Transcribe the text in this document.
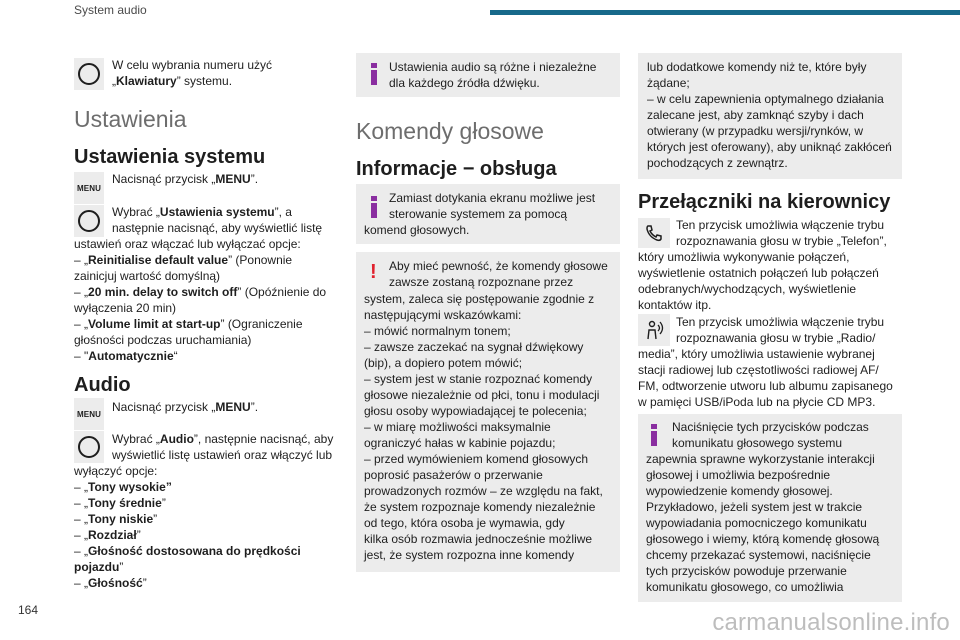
System audio
W celu wybrania numeru użyć
„Klawiatury” systemu.
Ustawienia
Ustawienia systemu
MENU
Nacisnąć przycisk „MENU”.
Wybrać „Ustawienia systemu”, a
następnie nacisnąć, aby wyświetlić listę
ustawień oraz włączać lub wyłączać opcje:
– „Reinitialise default value” (Ponownie
zainicjuj wartość domyślną)
– „20 min. delay to switch off” (Opóźnienie do
wyłączenia 20 min)
– „Volume limit at start-up” (Ograniczenie
głośności podczas uruchamiania)
– "Automatycznie“
Audio
MENU Nacisnąć przycisk „MENU”.
Wybrać „Audio”, następnie nacisnąć, aby
wyświetlić listę ustawień oraz włączyć lub
wyłączyć opcje:
– „Tony wysokie”
– „Tony średnie”
– „Tony niskie”
– „Rozdział”
– „Głośność dostosowana do prędkości
pojazdu”
– „Głośność”
Ustawienia audio są różne i niezależne
dla każdego źródła dźwięku.
Komendy głosowe
Informacje − obsługa
Zamiast dotykania ekranu możliwe jest
sterowanie systemem za pomocą
komend głosowych.
! Aby mieć pewność, że komendy głosowe
zawsze zostaną rozpoznane przez
system, zaleca się postępowanie zgodnie z
następującymi wskazówkami:
– mówić normalnym tonem;
– zawsze zaczekać na sygnał dźwiękowy
(bip), a dopiero potem mówić;
– system jest w stanie rozpoznać komendy
głosowe niezależnie od płci, tonu i modulacji
głosu osoby wypowiadającej te polecenia;
– w miarę możliwości maksymalnie
ograniczyć hałas w kabinie pojazdu;
– przed wymówieniem komend głosowych
poprosić pasażerów o przerwanie
prowadzonych rozmów – ze względu na fakt,
że system rozpoznaje komendy niezależnie
od tego, która osoba je wymawia, gdy
kilka osób rozmawia jednocześnie możliwe
jest, że system rozpozna inne komendy
lub dodatkowe komendy niż te, które były
żądane;
– w celu zapewnienia optymalnego działania
zalecane jest, aby zamknąć szyby i dach
otwierany (w przypadku wersji/rynków, w
których jest oferowany), aby uniknąć zakłóceń
pochodzących z zewnątrz.
Przełączniki na kierownicy
Ten przycisk umożliwia włączenie trybu
rozpoznawania głosu w trybie „Telefon”,
który umożliwia wykonywanie połączeń,
wyświetlenie ostatnich połączeń lub połączeń
odebranych/wychodzących, wyświetlenie
kontaktów itp.
Ten przycisk umożliwia włączenie trybu
rozpoznawania głosu w trybie „Radio/
media”, który umożliwia ustawienie wybranej
stacji radiowej lub częstotliwości radiowej AF/
FM, odtworzenie utworu lub albumu zapisanego
w pamięci USB/iPoda lub na płycie CD MP3.
Naciśnięcie tych przycisków podczas
komunikatu głosowego systemu
zapewnia sprawne wykorzystanie interakcji
głosowej i umożliwia bezpośrednie
wypowiedzenie komendy głosowej.
Przykładowo, jeżeli system jest w trakcie
wypowiadania pomocniczego komunikatu
głosowego i wiemy, którą komendę głosową
chcemy przekazać systemowi, naciśnięcie
tych przycisków powoduje przerwanie
komunikatu głosowego, co umożliwia
164	carmanualsonline.info
